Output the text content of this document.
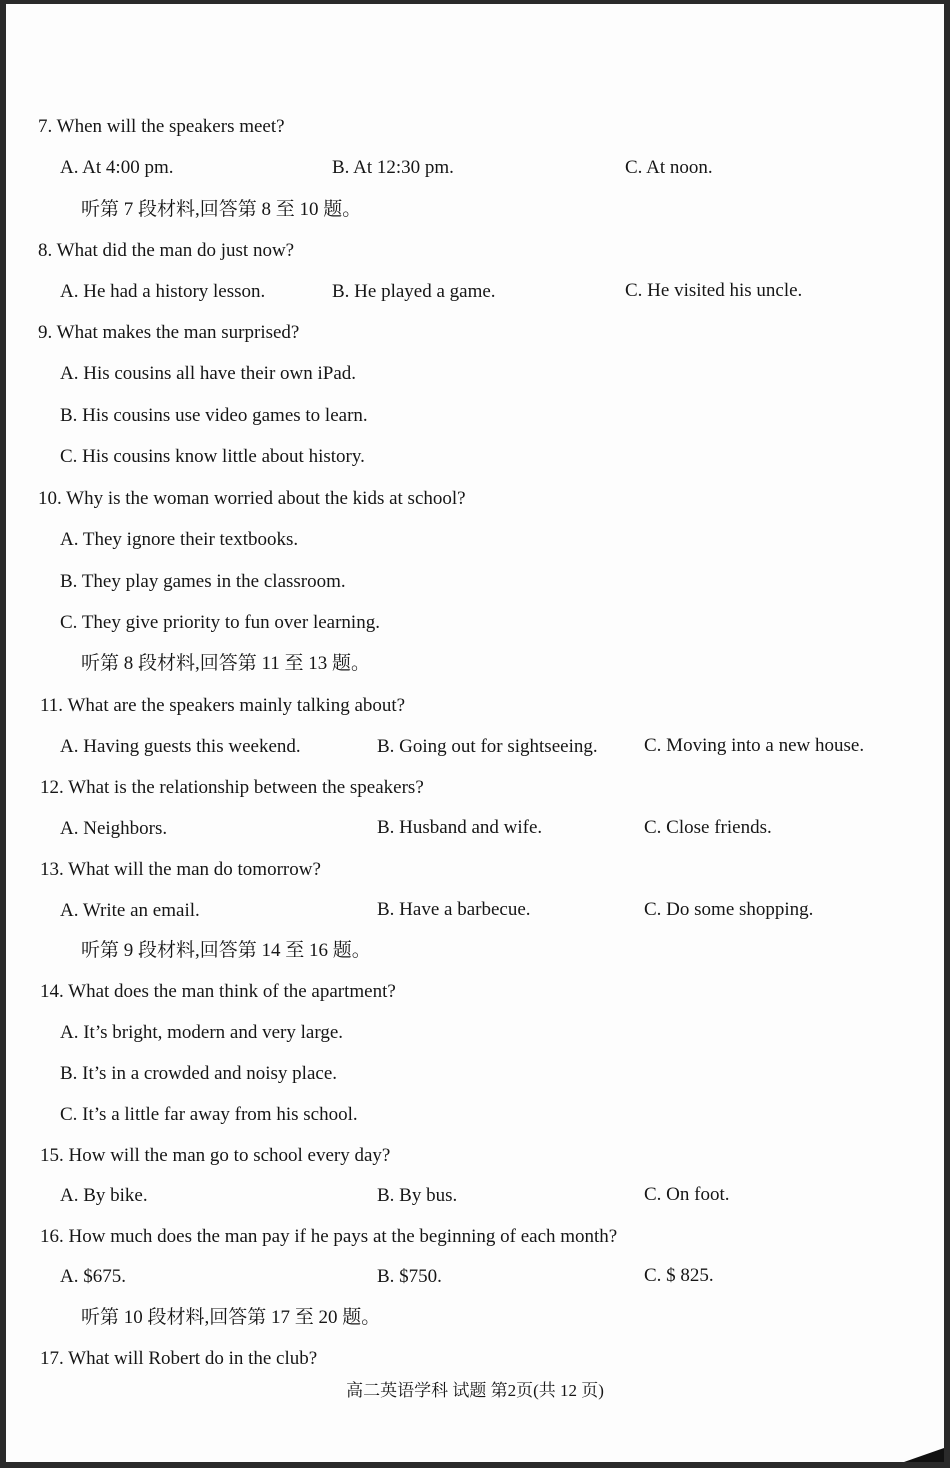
7. When will the speakers meet?
A. At 4:00 pm.	B. At 12:30 pm.	C. At noon.
听第 7 段材料,回答第 8 至 10 题。
8. What did the man do just now?
A. He had a history lesson.	B. He played a game.	C. He visited his uncle.
9. What makes the man surprised?
A. His cousins all have their own iPad.
B. His cousins use video games to learn.
C. His cousins know little about history.
10. Why is the woman worried about the kids at school?
A. They ignore their textbooks.
B. They play games in the classroom.
C. They give priority to fun over learning.
听第 8 段材料,回答第 11 至 13 题。
11. What are the speakers mainly talking about?
A. Having guests this weekend.	B. Going out for sightseeing. C. Moving into a new house.
12. What is the relationship between the speakers?
A. Neighbors.	B. Husband and wife.	C. Close friends.
13. What will the man do tomorrow?
A. Write an email.	B. Have a barbecue.	C. Do some shopping.
听第 9 段材料,回答第 14 至 16 题。
14. What does the man think of the apartment?
A. It’s bright, modern and very large.
B. It’s in a crowded and noisy place.
C. It’s a little far away from his school.
15. How will the man go to school every day?
A. By bike.	B. By bus.	C. On foot.
16. How much does the man pay if he pays at the beginning of each month?
A. $675.	B. $750.	C. $ 825.
听第 10 段材料,回答第 17 至 20 题。
17. What will Robert do in the club?
高二英语学科 试题 第2页(共 12 页)
